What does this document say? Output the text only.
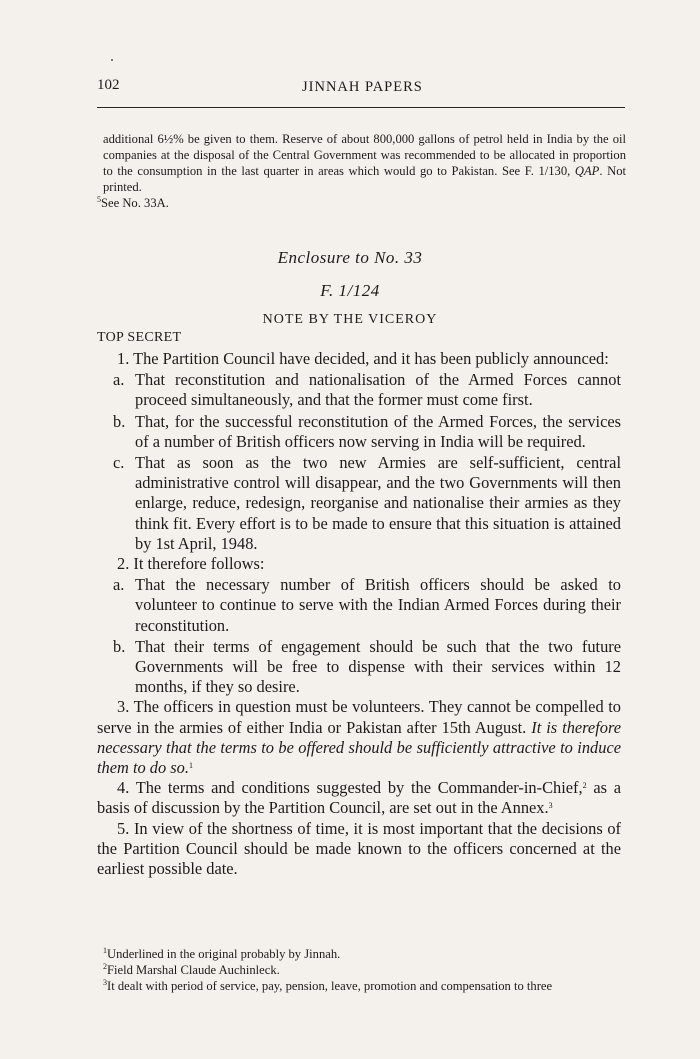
102	JINNAH PAPERS

additional 6½% be given to them. Reserve of about 800,000 gallons of petrol held in India by the oil companies at the disposal of the Central Government was recommended to be allocated in proportion to the consumption in the last quarter in areas which would go to Pakistan. See F. 1/130, QAP. Not printed.

$^5$See No. 33A.

Enclosure to No. 33
F. 1/124
NOTE BY THE VICEROY
TOP SECRET

1. The Partition Council have decided, and it has been publicly announced:

a. That reconstitution and nationalisation of the Armed Forces cannot proceed simultaneously, and that the former must come first.
b. That, for the successful reconstitution of the Armed Forces, the services of a number of British officers now serving in India will be required.
c. That as soon as the two new Armies are self-sufficient, central administrative control will disappear, and the two Governments will then enlarge, reduce, redesign, reorganise and nationalise their armies as they think fit. Every effort is to be made to ensure that this situation is attained by 1st April, 1948.

2. It therefore follows:

a. That the necessary number of British officers should be asked to volunteer to continue to serve with the Indian Armed Forces during their reconstitution.
b. That their terms of engagement should be such that the two future Governments will be free to dispense with their services within 12 months, if they so desire.

3. The officers in question must be volunteers. They cannot be compelled to serve in the armies of either India or Pakistan after 15th August. It is therefore necessary that the terms to be offered should be sufficiently attractive to induce them to do so.$^1$

4. The terms and conditions suggested by the Commander-in-Chief,$^2$ as a basis of discussion by the Partition Council, are set out in the Annex.$^3$

5. In view of the shortness of time, it is most important that the decisions of the Partition Council should be made known to the officers concerned at the earliest possible date.

$^1$Underlined in the original probably by Jinnah.

$^2$Field Marshal Claude Auchinleck.

$^3$It dealt with period of service, pay, pension, leave, promotion and compensation to three
